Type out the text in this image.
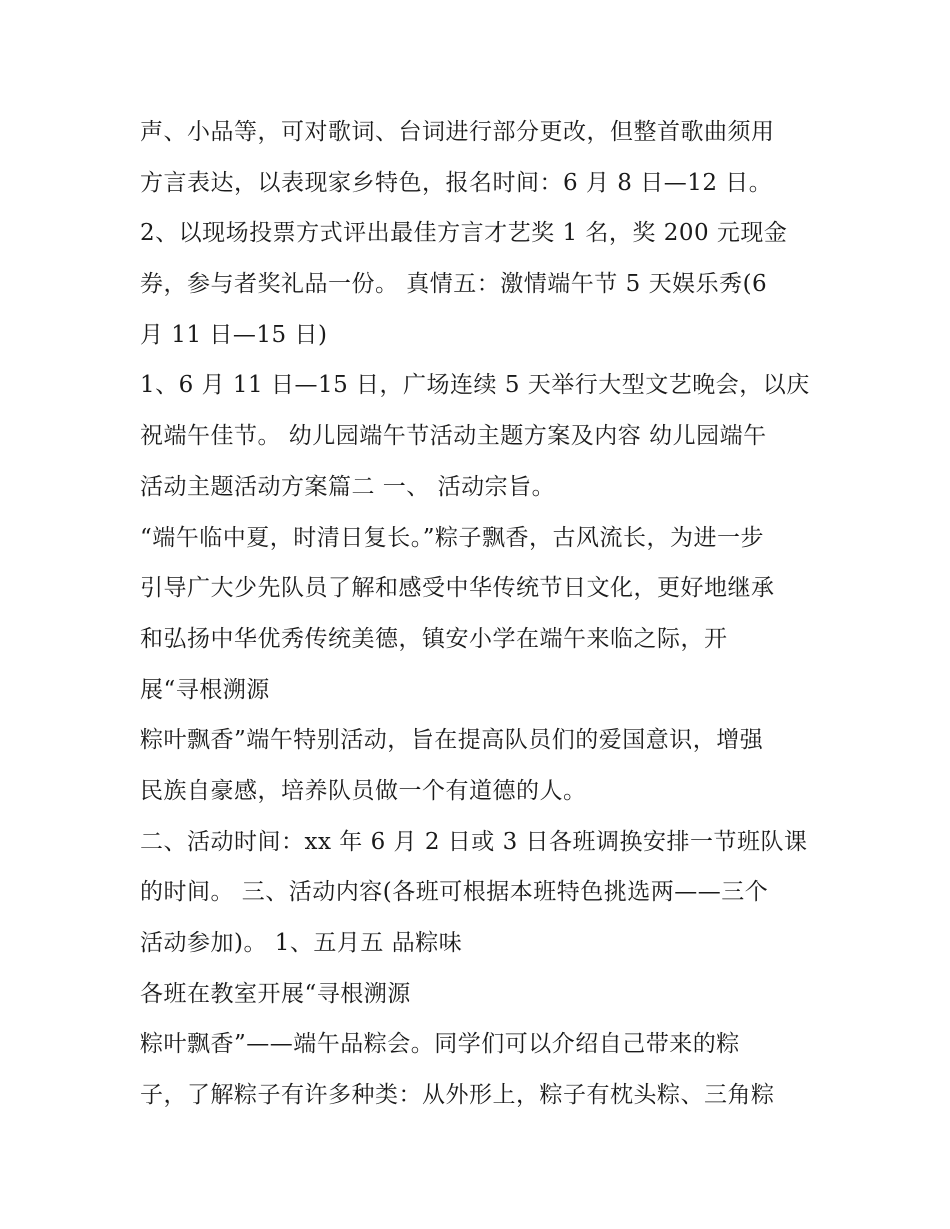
声、小品等，可对歌词、台词进行部分更改，但整首歌曲须用
方言表达，以表现家乡特色，报名时间：6 月 8 日—12 日。
2、以现场投票方式评出最佳方言才艺奖 1 名，奖 200 元现金
券，参与者奖礼品一份。 真情五：激情端午节 5 天娱乐秀(6
月 11 日—15 日)
1、6 月 11 日—15 日，广场连续 5 天举行大型文艺晚会，以庆
祝端午佳节。 幼儿园端午节活动主题方案及内容 幼儿园端午
活动主题活动方案篇二 一、 活动宗旨。
“端午临中夏，时清日复长。”粽子飘香，古风流长，为进一步
引导广大少先队员了解和感受中华传统节日文化，更好地继承
和弘扬中华优秀传统美德，镇安小学在端午来临之际，开
展“寻根溯源
粽叶飘香”端午特别活动，旨在提高队员们的爱国意识，增强
民族自豪感，培养队员做一个有道德的人。
二、活动时间：xx 年 6 月 2 日或 3 日各班调换安排一节班队课
的时间。 三、活动内容(各班可根据本班特色挑选两——三个
活动参加)。 1、五月五 品粽味
各班在教室开展“寻根溯源
粽叶飘香”——端午品粽会。同学们可以介绍自己带来的粽
子，了解粽子有许多种类：从外形上，粽子有枕头粽、三角粽
